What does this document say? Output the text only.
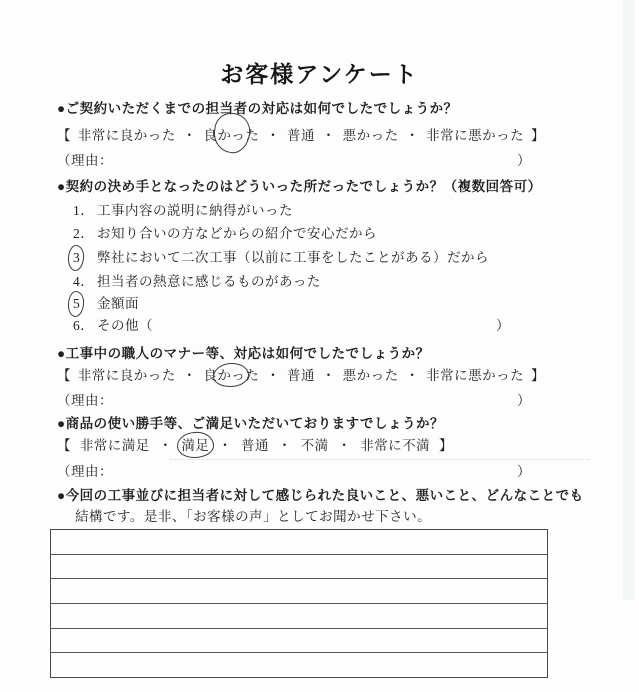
お客様アンケート
●ご契約いただくまでの担当者の対応は如何でしたでしょうか？
【 非常に良かった ・ 良かった ・ 普通 ・ 悪かった ・ 非常に悪かった 】
（理由：	）
●契約の決め手となったのはどういった所だったでしょうか？（複数回答可）
1． 工事内容の説明に納得がいった
2． お知り合いの方などからの紹介で安心だから
3	弊社において二次工事（以前に工事をしたことがある）だから
4． 担当者の熱意に感じるものがあった
5	金額面
6． その他（	）
●工事中の職人のマナー等、対応は如何でしたでしょうか？
【 非常に良かった ・ 良かった ・ 普通 ・ 悪かった ・ 非常に悪かった 】
（理由：	）
●商品の使い勝手等、ご満足いただいておりますでしょうか？
【 非常に満足 ・ 満足 ・ 普通 ・ 不満 ・ 非常に不満 】
（理由：	）
●今回の工事並びに担当者に対して感じられた良いこと、悪いこと、どんなことでも
結構です。是非、「お客様の声」としてお聞かせ下さい。
